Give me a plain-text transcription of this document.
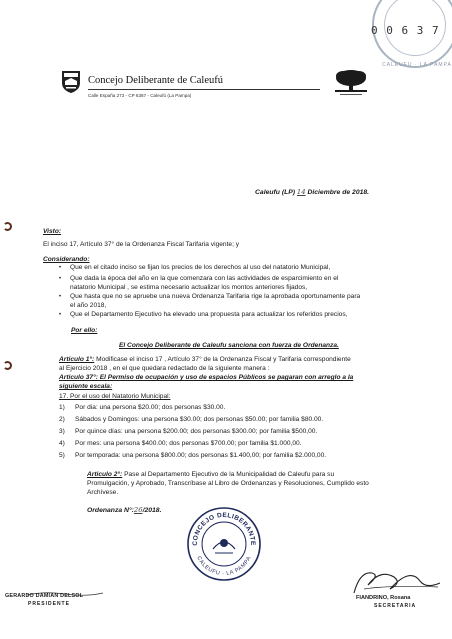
CALEUFU · LA PAMPA
0 0 6 3 7
Concejo Deliberante de Caleufú
Calle España 273 - CP 6387 - Caleufú (La Pampa)
Caleufu (LP) 14 Diciembre de 2018.
Visto:
El inciso 17, Artículo 37° de la Ordenanza Fiscal Tarifaria vigente; y
Considerando:
• Que en el citado inciso se fijan los precios de los derechos al uso del natatorio Municipal,
• Que dada la época del año en la que comenzara con las actividades de esparcimiento en el
natatorio Municipal , se estima necesario actualizar los montos anteriores fijados,
• Que hasta que no se apruebe una nueva Ordenanza Tarifaria rige la aprobada oportunamente para
el año 2018,
• Que el Departamento Ejecutivo ha elevado una propuesta para actualizar los referidos precios,
Por ello:
El Concejo Deliberante de Caleufu sanciona con fuerza de Ordenanza.
Articulo 1°: Modificase el inciso 17 , Artículo 37° de la Ordenanza Fiscal y Tarifaria correspondiente
al Ejercicio 2018 , en el que quedara redactado de la siguiente manera :
Articulo 37°: El Permiso de ocupación y uso de espacios Públicos se pagaran con arreglo a la
siguiente escala:
17. Por el uso del Natatorio Municipal:
1) Por dia: una persona $20.00; dos personas $30.00.
2) Sábados y Domingos: una persona $30.00; dos personas $50.00; por familia $80.00.
3) Por quince días: una persona $200.00; dos personas $300.00; por familia $500,00.
4) Por mes: una persona $400.00; dos personas $700.00; por familia $1.000,00.
5) Por temporada: una persona $800.00; dos personas $1.400,00; por familia $2.000,00.
Articulo 2°: Pase al Departamento Ejecutivo de la Municipalidad de Caleufu para su
Promulgación, y Aprobado, Transcríbase al Libro de Ordenanzas y Resoluciones, Cumplido esto
Archívese.
Ordenanza N°:26/2018.
CONCEJO DELIBERANTE
CALEUFU · LA PAMPA
GERARDO DAMIAN DELSOL
PRESIDENTE
FIANDRINO, Rosana
SECRETARIA
